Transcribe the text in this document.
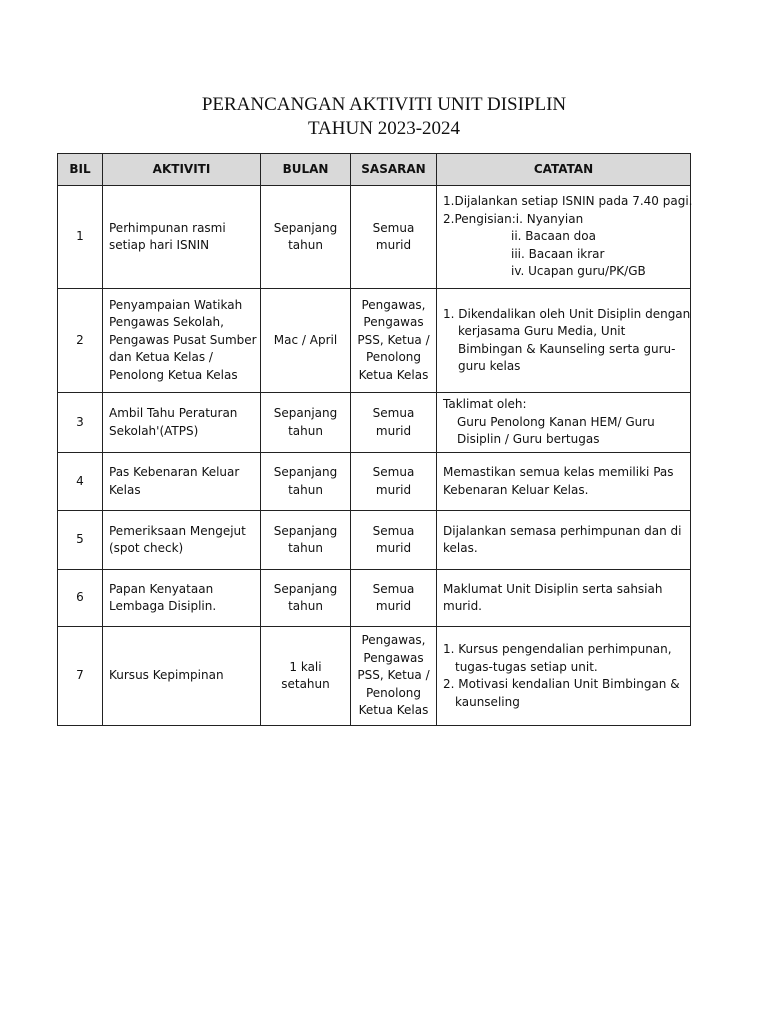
PERANCANGAN AKTIVITI UNIT DISIPLIN
TAHUN 2023-2024
BIL	AKTIVITI	BULAN	SASARAN	CATATAN
1	Perhimpunan rasmi
setiap hari ISNIN	Sepanjang
tahun	Semua
murid	1.Dijalankan setiap ISNIN pada 7.40 pagi.
2.Pengisian:i. Nyanyian
ii. Bacaan doa
iii. Bacaan ikrar
iv. Ucapan guru/PK/GB

2	Penyampaian Watikah
Pengawas Sekolah,
Pengawas Pusat Sumber
dan Ketua Kelas /
Penolong Ketua Kelas	Mac / April	Pengawas,
Pengawas
PSS, Ketua /
Penolong
Ketua Kelas	1. Dikendalikan oleh Unit Disiplin dengan
kerjasama Guru Media, Unit
Bimbingan & Kaunseling serta guru-
guru kelas

3	Ambil Tahu Peraturan
Sekolah'(ATPS)	Sepanjang
tahun	Semua
murid	Taklimat oleh:
Guru Penolong Kanan HEM/ Guru
Disiplin / Guru bertugas

4	Pas Kebenaran Keluar
Kelas	Sepanjang
tahun	Semua
murid	Memastikan semua kelas memiliki Pas
Kebenaran Keluar Kelas.

5	Pemeriksaan Mengejut
(spot check)	Sepanjang
tahun	Semua
murid	Dijalankan semasa perhimpunan dan di
kelas.

6	Papan Kenyataan
Lembaga Disiplin.	Sepanjang
tahun	Semua
murid	Maklumat Unit Disiplin serta sahsiah
murid.

7	Kursus Kepimpinan	1 kali
setahun	Pengawas,
Pengawas
PSS, Ketua /
Penolong
Ketua Kelas	1. Kursus pengendalian perhimpunan,
tugas-tugas setiap unit.
2. Motivasi kendalian Unit Bimbingan &
kaunseling
